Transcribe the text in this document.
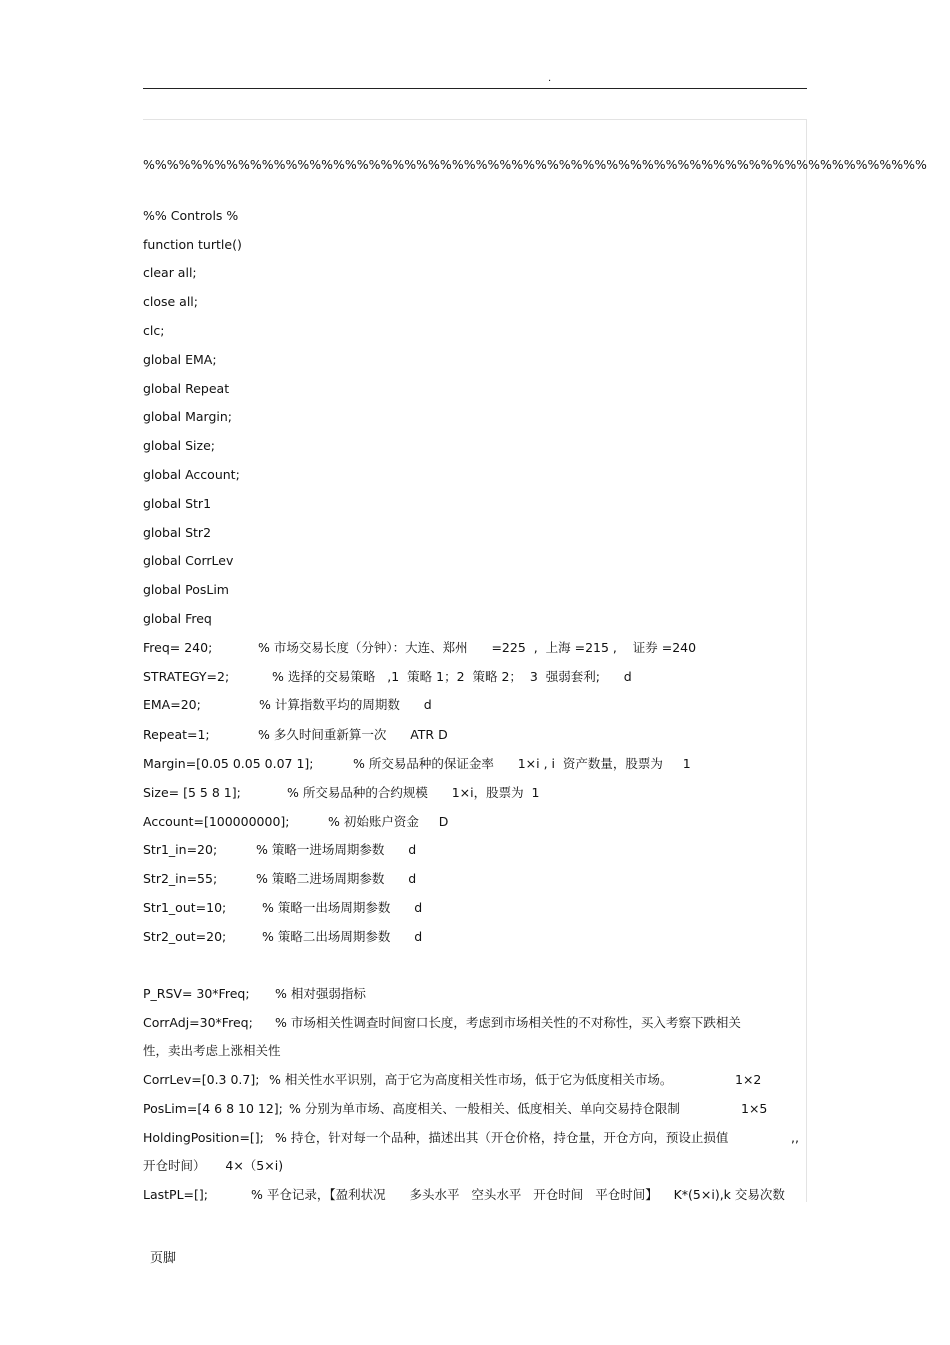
.
%%%%%%%%%%%%%%%%%%%%%%%%%%%%%%%%%%%%%%%%%%%%%%%%%%%%%%%%%%%%%%%%%%
%% Controls %
function turtle()
clear all;
close all;
clc;
global EMA;
global Repeat
global Margin;
global Size;
global Account;
global Str1
global Str2
global CorrLev
global PosLim
global Freq
Freq= 240;	% 市场交易长度（分钟）：大连、郑州      =225  ,  上海 =215 ,    证券 =240
STRATEGY=2;	% 选择的交易策略   ,1  策略 1；2  策略 2；  3  强弱套利;      d
EMA=20;	% 计算指数平均的周期数      d
Repeat=1;	% 多久时间重新算一次      ATR D
Margin=[0.05 0.05 0.07 1];	% 所交易品种的保证金率      1×i , i  资产数量，股票为     1
Size= [5 5 8 1];	% 所交易品种的合约规模      1×i，股票为  1
Account=[100000000];	% 初始账户资金     D
Str1_in=20;	% 策略一进场周期参数      d
Str2_in=55;	% 策略二进场周期参数      d
Str1_out=10;	% 策略一出场周期参数      d
Str2_out=20;	% 策略二出场周期参数      d
P_RSV= 30*Freq; % 相对强弱指标
CorrAdj=30*Freq; % 市场相关性调查时间窗口长度，考虑到市场相关性的不对称性，买入考察下跌相关
性，卖出考虑上涨相关性
CorrLev=[0.3 0.7]; % 相关性水平识别，高于它为高度相关性市场，低于它为低度相关市场。	1×2
PosLim=[4 6 8 10 12]; % 分别为单市场、高度相关、一般相关、低度相关、单向交易持仓限制	1×5
HoldingPosition=[]; % 持仓，针对每一个品种，描述出其（开仓价格，持仓量，开仓方向，预设止损值	,,
开仓时间）     4×（5×i)
LastPL=[];	% 平仓记录，【盈利状况      多头水平   空头水平   开仓时间   平仓时间】    K*(5×i),k 交易次数
页脚
